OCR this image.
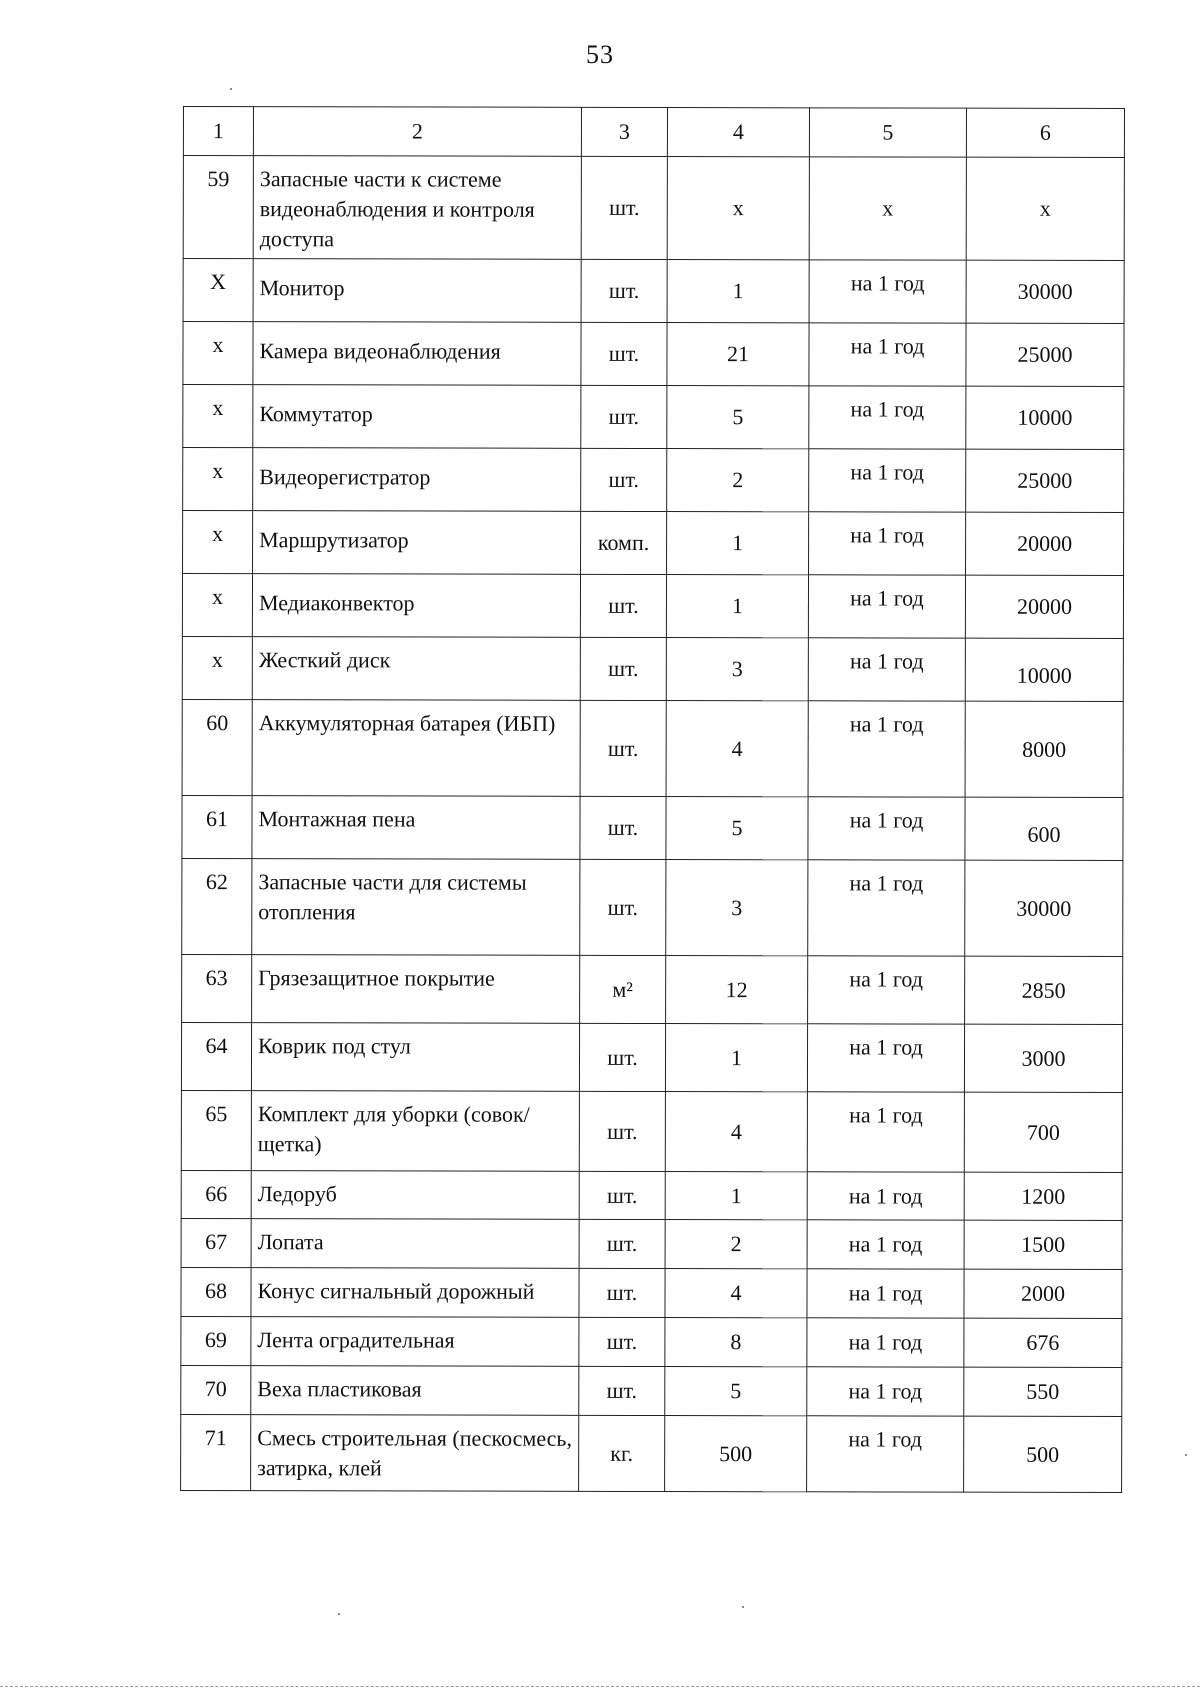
53
1	2	3	4	5	6
59	Запасные части к системе видеонаблюдения и контроля доступа	шт.	х	х	х
Х	Монитор	шт.	1	на 1 год	30000
х	Камера видеонаблюдения	шт.	21	на 1 год	25000
х	Коммутатор	шт.	5	на 1 год	10000
х	Видеорегистратор	шт.	2	на 1 год	25000
х	Маршрутизатор	комп.	1	на 1 год	20000
х	Медиаконвектор	шт.	1	на 1 год	20000
х	Жесткий диск	шт.	3	на 1 год	10000
60	Аккумуляторная батарея (ИБП)	шт.	4	на 1 год	8000
61	Монтажная пена	шт.	5	на 1 год	600
62	Запасные части для системы отопления	шт.	3	на 1 год	30000
63	Грязезащитное покрытие	м²	12	на 1 год	2850
64	Коврик под стул	шт.	1	на 1 год	3000
65	Комплект для уборки (совок/щетка)	шт.	4	на 1 год	700
66	Ледоруб	шт.	1	на 1 год	1200
67	Лопата	шт.	2	на 1 год	1500
68	Конус сигнальный дорожный	шт.	4	на 1 год	2000
69	Лента оградительная	шт.	8	на 1 год	676
70	Веха пластиковая	шт.	5	на 1 год	550
71	Смесь строительная (пескосмесь, затирка, клей	кг.	500	на 1 год	500
